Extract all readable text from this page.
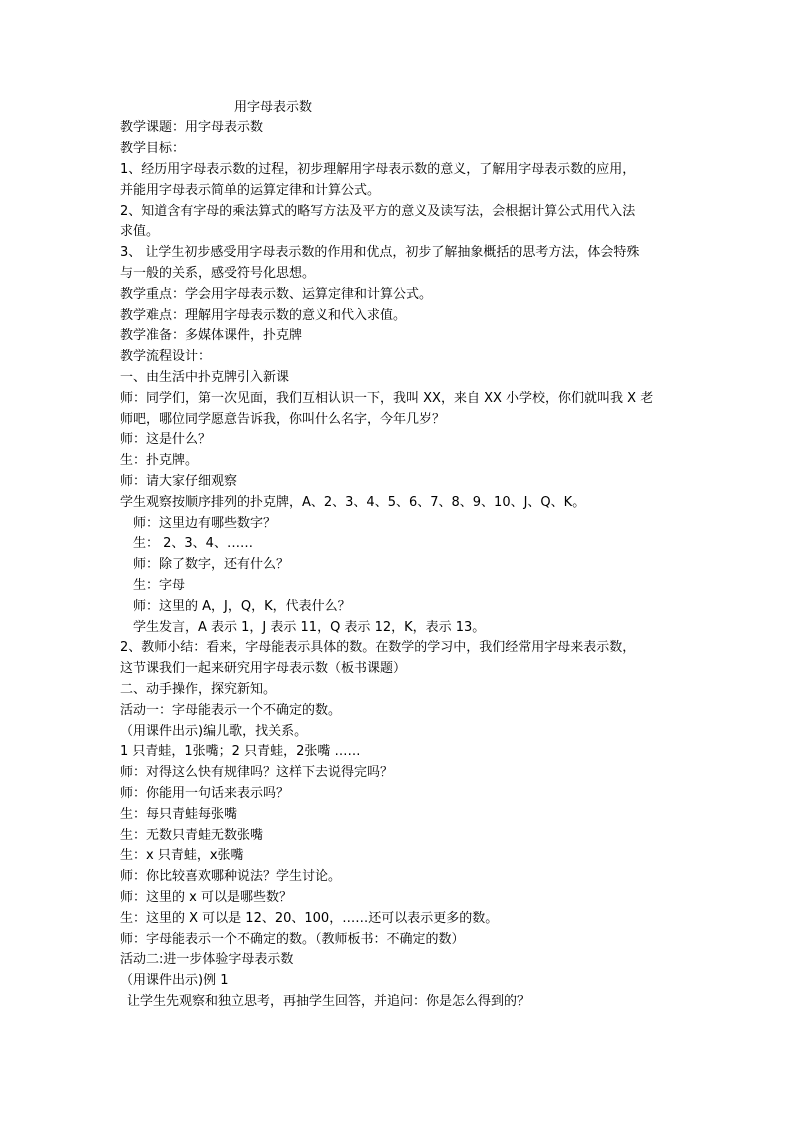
用字母表示数
教学课题：用字母表示数
教学目标：
1、经历用字母表示数的过程，初步理解用字母表示数的意义，了解用字母表示数的应用，
并能用字母表示简单的运算定律和计算公式。
2、知道含有字母的乘法算式的略写方法及平方的意义及读写法，会根据计算公式用代入法
求值。
3、 让学生初步感受用字母表示数的作用和优点，初步了解抽象概括的思考方法，体会特殊
与一般的关系，感受符号化思想。
教学重点：学会用字母表示数、运算定律和计算公式。
教学难点：理解用字母表示数的意义和代入求值。
教学准备：多媒体课件，扑克牌
教学流程设计：
一、由生活中扑克牌引入新课
师：同学们，第一次见面，我们互相认识一下，我叫 XX，来自 XX 小学校，你们就叫我 X 老
师吧，哪位同学愿意告诉我，你叫什么名字，今年几岁？
师：这是什么？
生：扑克牌。
师：请大家仔细观察
学生观察按顺序排列的扑克牌，A、2、3、4、5、6、7、8、9、10、J、Q、K。
师：这里边有哪些数字？
生： 2、3、4、……
师：除了数字，还有什么？
生：字母
师：这里的 A，J，Q，K，代表什么？
学生发言，A 表示 1，J 表示 11，Q 表示 12，K，表示 13。
2、教师小结：看来，字母能表示具体的数。在数学的学习中，我们经常用字母来表示数，
这节课我们一起来研究用字母表示数（板书课题）
二、动手操作，探究新知。
活动一：字母能表示一个不确定的数。
（用课件出示)编儿歌，找关系。
1 只青蛙，1张嘴；2 只青蛙，2张嘴 ……
师：对得这么快有规律吗？这样下去说得完吗？
师：你能用一句话来表示吗？
生：每只青蛙每张嘴
生：无数只青蛙无数张嘴
生：x 只青蛙，x张嘴
师：你比较喜欢哪种说法？学生讨论。
师：这里的 x 可以是哪些数？
生：这里的 X 可以是 12、20、100，……还可以表示更多的数。
师：字母能表示一个不确定的数。（教师板书：不确定的数）
活动二:进一步体验字母表示数
（用课件出示)例 1
让学生先观察和独立思考，再抽学生回答，并追问：你是怎么得到的？
